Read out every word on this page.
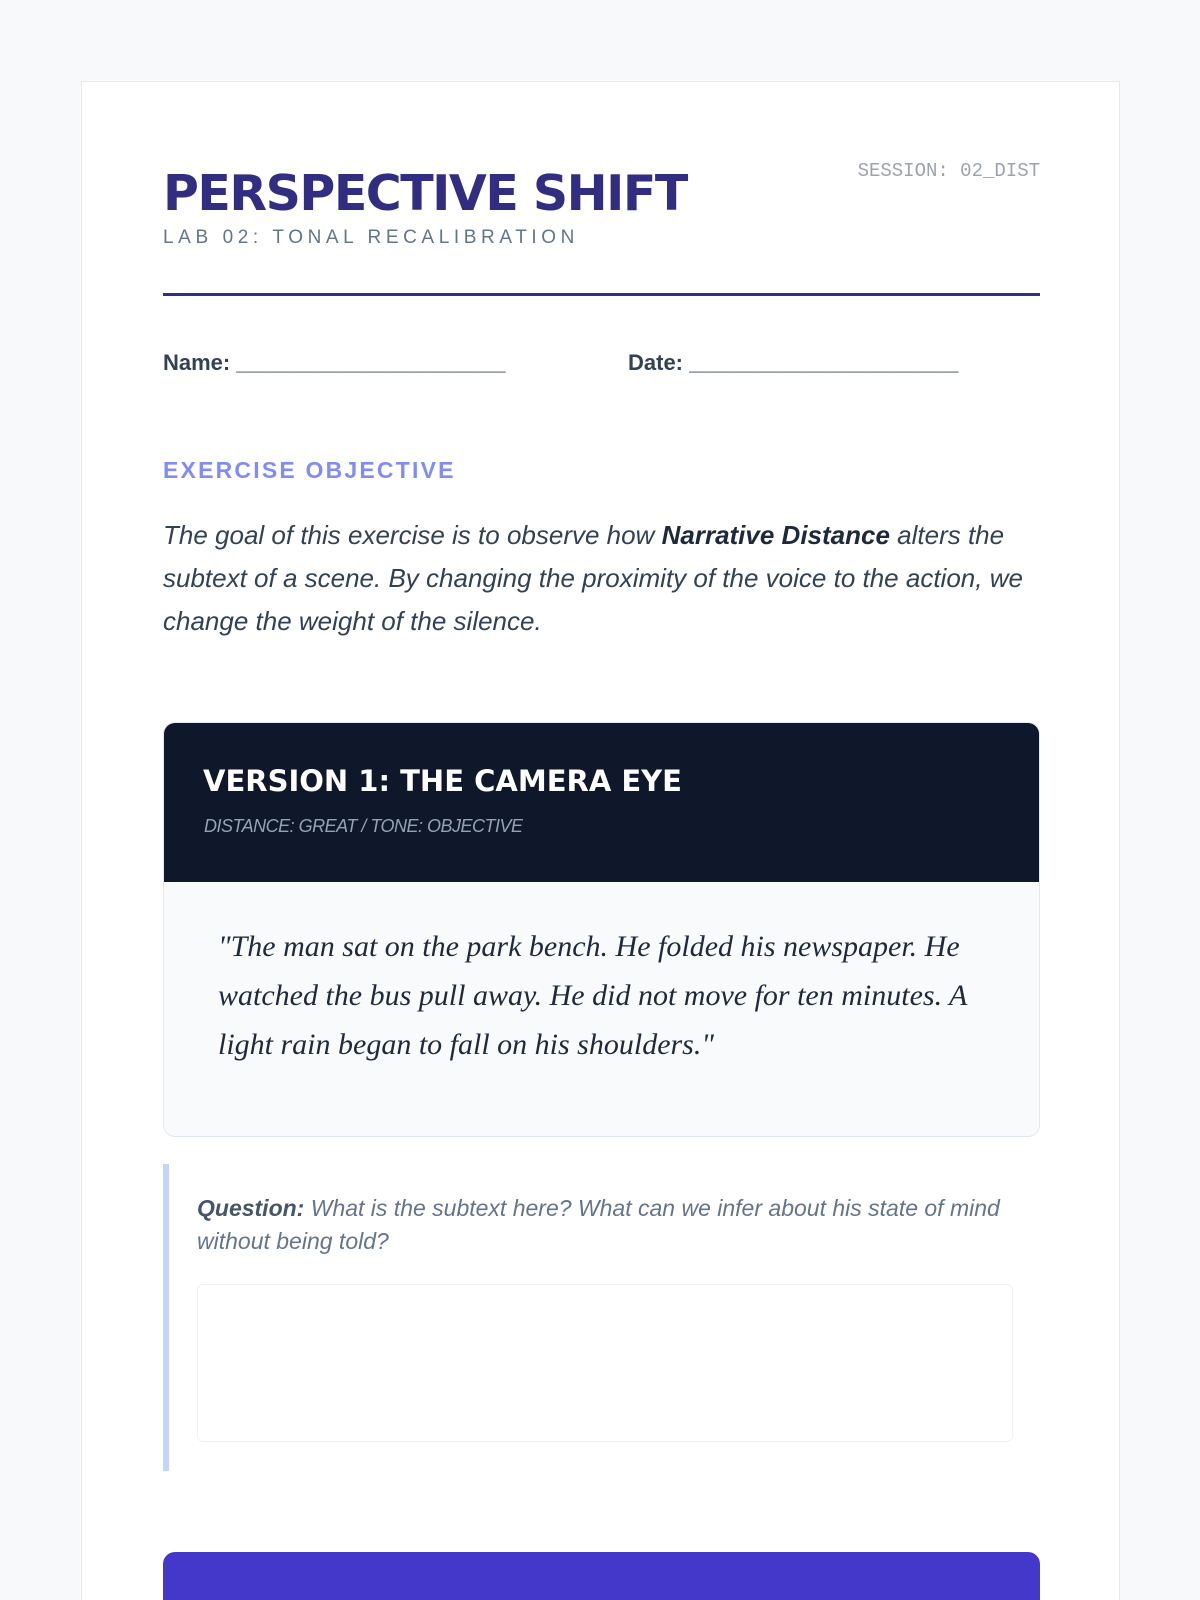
PERSPECTIVE SHIFT
LAB 02: TONAL RECALIBRATION
SESSION: 02_DIST
Name: ______________________	Date: ______________________
EXERCISE OBJECTIVE
The goal of this exercise is to observe how Narrative Distance alters the subtext of a scene. By changing the proximity of the voice to the action, we change the weight of the silence.
VERSION 1: THE CAMERA EYE
DISTANCE: GREAT / TONE: OBJECTIVE
"The man sat on the park bench. He folded his newspaper. He watched the bus pull away. He did not move for ten minutes. A light rain began to fall on his shoulders."
Question: What is the subtext here? What can we infer about his state of mind without being told?
